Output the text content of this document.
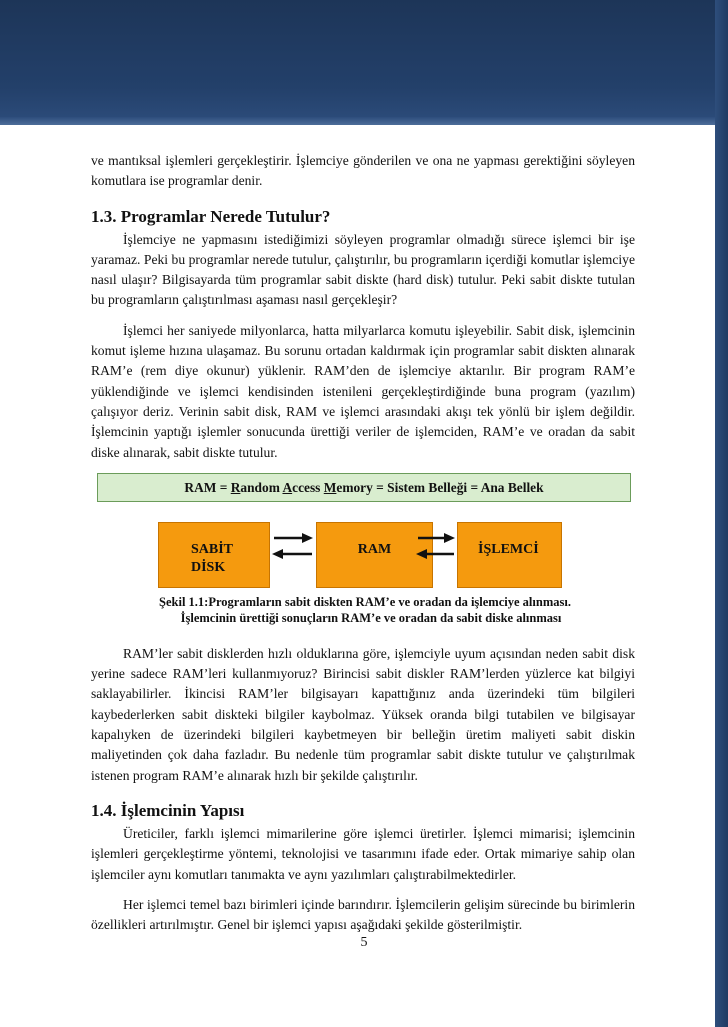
ve mantıksal işlemleri gerçekleştirir. İşlemciye gönderilen ve ona ne yapması gerektiğini söyleyen komutlara ise programlar denir.

1.3. Programlar Nerede Tutulur?

İşlemciye ne yapmasını istediğimizi söyleyen programlar olmadığı sürece işlemci bir işe yaramaz. Peki bu programlar nerede tutulur, çalıştırılır, bu programların içerdiği komutlar işlemciye nasıl ulaşır? Bilgisayarda tüm programlar sabit diskte (hard disk) tutulur. Peki sabit diskte tutulan bu programların çalıştırılması aşaması nasıl gerçekleşir?

İşlemci her saniyede milyonlarca, hatta milyarlarca komutu işleyebilir. Sabit disk, işlemcinin komut işleme hızına ulaşamaz. Bu sorunu ortadan kaldırmak için programlar sabit diskten alınarak RAM’e (rem diye okunur) yüklenir. RAM’den de işlemciye aktarılır. Bir program RAM’e yüklendiğinde ve işlemci kendisinden istenileni gerçekleştirdiğinde buna program (yazılım) çalışıyor deriz. Verinin sabit disk, RAM ve işlemci arasındaki akışı tek yönlü bir işlem değildir. İşlemcinin yaptığı işlemler sonucunda ürettiği veriler de işlemciden, RAM’e ve oradan da sabit diske alınarak, sabit diskte tutulur.

RAM = Random Access Memory = Sistem Belleği = Ana Bellek
SABİT
DİSK
RAM	İŞLEMCİ
Şekil 1.1:Programların sabit diskten RAM’e ve oradan da işlemciye alınması.
İşlemcinin ürettiği sonuçların RAM’e ve oradan da sabit diske alınması

RAM’ler sabit disklerden hızlı olduklarına göre, işlemciyle uyum açısından neden sabit disk yerine sadece RAM’leri kullanmıyoruz? Birincisi sabit diskler RAM’lerden yüzlerce kat bilgiyi saklayabilirler. İkincisi RAM’ler bilgisayarı kapattığınız anda üzerindeki tüm bilgileri kaybederlerken sabit diskteki bilgiler kaybolmaz. Yüksek oranda bilgi tutabilen ve bilgisayar kapalıyken de üzerindeki bilgileri kaybetmeyen bir belleğin üretim maliyeti sabit diskin maliyetinden çok daha fazladır. Bu nedenle tüm programlar sabit diskte tutulur ve çalıştırılmak istenen program RAM’e alınarak hızlı bir şekilde çalıştırılır.

1.4. İşlemcinin Yapısı

Üreticiler, farklı işlemci mimarilerine göre işlemci üretirler. İşlemci mimarisi; işlemcinin işlemleri gerçekleştirme yöntemi, teknolojisi ve tasarımını ifade eder. Ortak mimariye sahip olan işlemciler aynı komutları tanımakta ve aynı yazılımları çalıştırabilmektedirler.

Her işlemci temel bazı birimleri içinde barındırır. İşlemcilerin gelişim sürecinde bu birimlerin özellikleri artırılmıştır. Genel bir işlemci yapısı aşağıdaki şekilde gösterilmiştir.

5
